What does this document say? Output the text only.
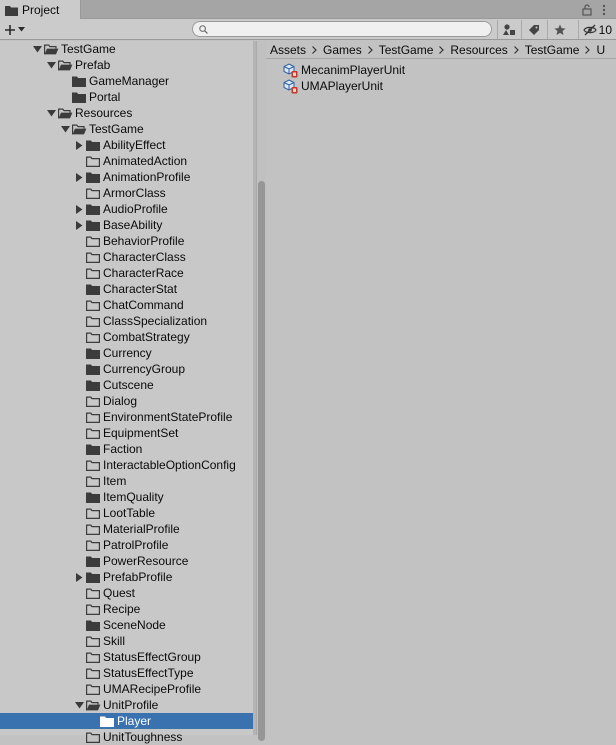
Project
10
TestGame
Prefab
GameManager
Portal
Resources
TestGame
AbilityEffect
AnimatedAction
AnimationProfile
ArmorClass
AudioProfile
BaseAbility
BehaviorProfile
CharacterClass
CharacterRace
CharacterStat
ChatCommand
ClassSpecialization
CombatStrategy
Currency
CurrencyGroup
Cutscene
Dialog
EnvironmentStateProfile
EquipmentSet
Faction
InteractableOptionConfig
Item
ItemQuality
LootTable
MaterialProfile
PatrolProfile
PowerResource
PrefabProfile
Quest
Recipe
SceneNode
Skill
StatusEffectGroup
StatusEffectType
UMARecipeProfile
UnitProfile
Player
UnitToughness
Assets Games TestGame Resources TestGame U
MecanimPlayerUnit
UMAPlayerUnit
